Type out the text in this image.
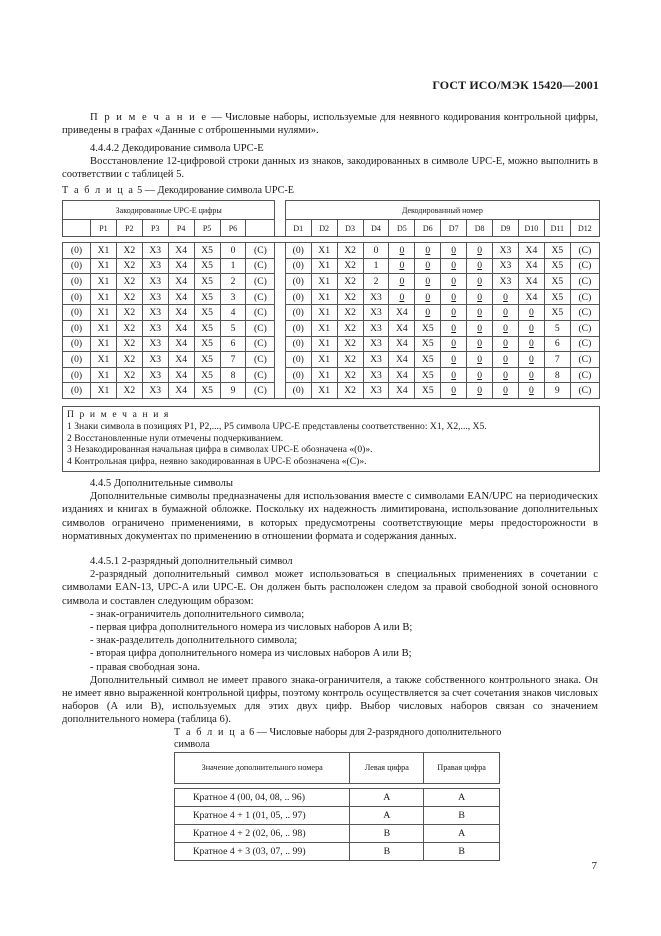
ГОСТ ИСО/МЭК 15420—2001
П р и м е ч а н и е — Числовые наборы, используемые для неявного кодирования контрольной цифры, приведены в графах «Данные с отброшенными нулями».

4.4.4.2 Декодирование символа UPC-E

Восстановление 12-цифровой строки данных из знаков, закодированных в символе UPC-E, можно выполнить в соответствии с таблицей 5.

Т а б л и ц а 5 — Декодирование символа UPC-E
Закодированные UPC-E цифры									Декодированный номер											
	P1	P2	P3	P4	P5	P6			D1	D2	D3	D4	D5	D6	D7	D8	D9	D10	D11	D12

(0)	X1	X2	X3	X4	X5	0	(C)		(0)	X1	X2	0	0	0	0	0	X3	X4	X5	(C)
(0)	X1	X2	X3	X4	X5	1	(C)		(0)	X1	X2	1	0	0	0	0	X3	X4	X5	(C)
(0)	X1	X2	X3	X4	X5	2	(C)		(0)	X1	X2	2	0	0	0	0	X3	X4	X5	(C)
(0)	X1	X2	X3	X4	X5	3	(C)		(0)	X1	X2	X3	0	0	0	0	0	X4	X5	(C)
(0)	X1	X2	X3	X4	X5	4	(C)		(0)	X1	X2	X3	X4	0	0	0	0	0	X5	(C)
(0)	X1	X2	X3	X4	X5	5	(C)		(0)	X1	X2	X3	X4	X5	0	0	0	0	5	(C)
(0)	X1	X2	X3	X4	X5	6	(C)		(0)	X1	X2	X3	X4	X5	0	0	0	0	6	(C)
(0)	X1	X2	X3	X4	X5	7	(C)		(0)	X1	X2	X3	X4	X5	0	0	0	0	7	(C)
(0)	X1	X2	X3	X4	X5	8	(C)		(0)	X1	X2	X3	X4	X5	0	0	0	0	8	(C)
(0)	X1	X2	X3	X4	X5	9	(C)		(0)	X1	X2	X3	X4	X5	0	0	0	0	9	(C)

П р и м е ч а н и я
1 Знаки символа в позициях P1, P2,..., P5 символа UPC-E представлены соответственно: X1, X2,..., X5.
2 Восстановленные нули отмечены подчеркиванием.
3 Незакодированная начальная цифра в символах UPC-E обозначена «(0)».
4 Контрольная цифра, неявно закодированная в UPC-E обозначена «(C)».																				

4.4.5 Дополнительные символы

Дополнительные символы предназначены для использования вместе с символами EAN/UPC на периодических изданиях и книгах в бумажной обложке. Поскольку их надежность лимитирована, использование дополнительных символов ограничено применениями, в которых предусмотрены соответствующие меры предосторожности в нормативных документах по применению в отношении формата и содержания данных.

4.4.5.1 2-разрядный дополнительный символ

2-разрядный дополнительный символ может использоваться в специальных применениях в сочетании с символами EAN-13, UPC-A или UPC-E. Он должен быть расположен следом за правой свободной зоной основного символа и составлен следующим образом:

- знак-ограничитель дополнительного символа;

- первая цифра дополнительного номера из числовых наборов A или B;

- знак-разделитель дополнительного символа;

- вторая цифра дополнительного номера из числовых наборов A или B;

- правая свободная зона.

Дополнительный символ не имеет правого знака-ограничителя, а также собственного контрольного знака. Он не имеет явно выраженной контрольной цифры, поэтому контроль осуществляется за счет сочетания знаков числовых наборов (A или B), используемых для этих двух цифр. Выбор числовых наборов связан со значением дополнительного номера (таблица 6).

Т а б л и ц а 6 — Числовые наборы для 2-разрядного дополнительного символа
Значение дополнительного номера	Левая цифра	Правая цифра

Кратное 4 (00, 04, 08, .. 96)	A	A
Кратное 4 + 1 (01, 05, .. 97)	A	B
Кратное 4 + 2 (02, 06, .. 98)	B	A
Кратное 4 + 3 (03, 07, .. 99)	B	B
7
